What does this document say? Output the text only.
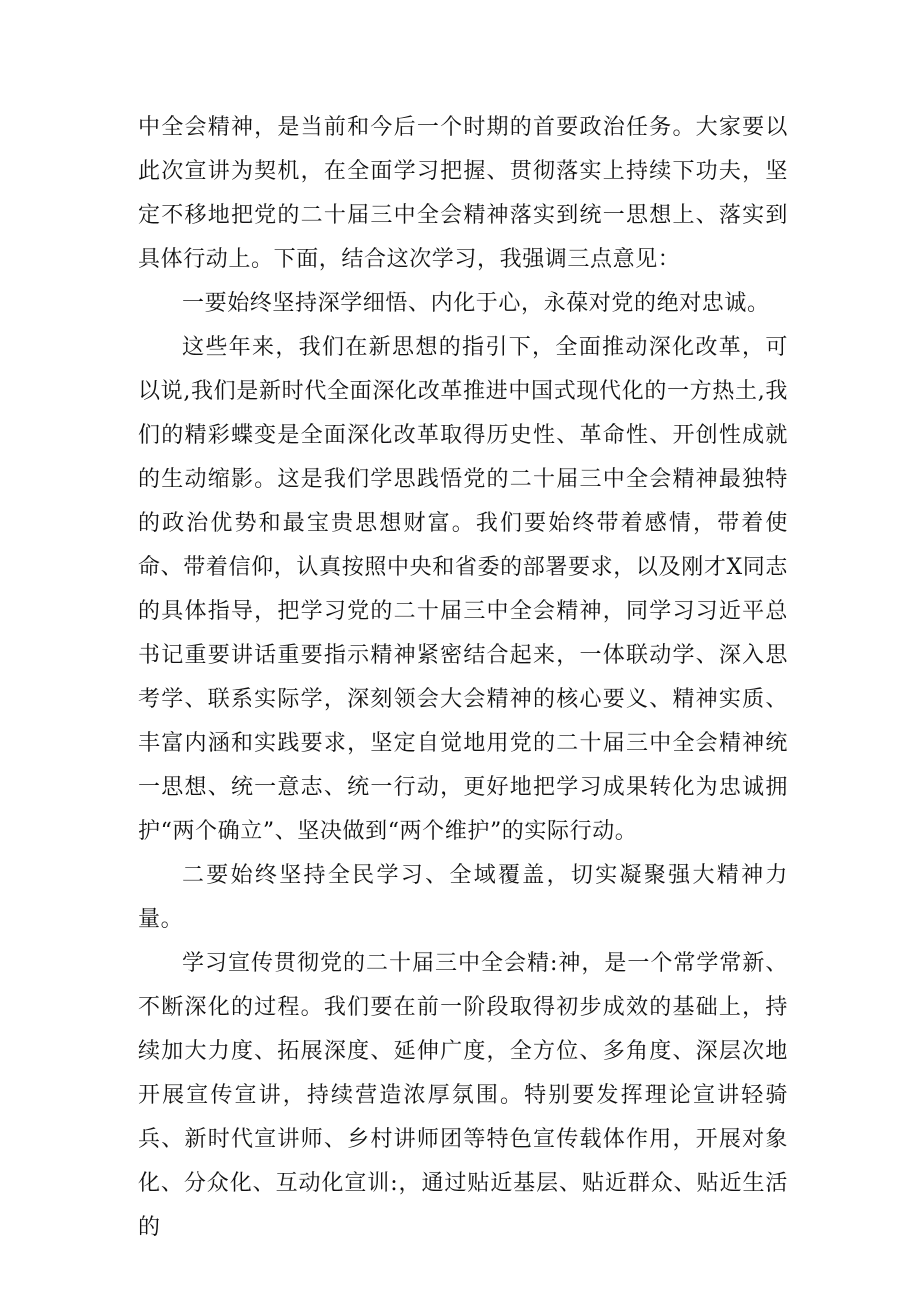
中全会精神，是当前和今后一个时期的首要政治任务。大家要以此次宣讲为契机，在全面学习把握、贯彻落实上持续下功夫，坚定不移地把党的二十届三中全会精神落实到统一思想上、落实到具体行动上。下面，结合这次学习，我强调三点意见：

一要始终坚持深学细悟、内化于心，永葆对党的绝对忠诚。

这些年来，我们在新思想的指引下，全面推动深化改革，可以说,我们是新时代全面深化改革推进中国式现代化的一方热土,我们的精彩蝶变是全面深化改革取得历史性、革命性、开创性成就的生动缩影。这是我们学思践悟党的二十届三中全会精神最独特的政治优势和最宝贵思想财富。我们要始终带着感情，带着使命、带着信仰，认真按照中央和省委的部署要求，以及刚才X同志的具体指导，把学习党的二十届三中全会精神，同学习习近平总书记重要讲话重要指示精神紧密结合起来，一体联动学、深入思考学、联系实际学，深刻领会大会精神的核心要义、精神实质、丰富内涵和实践要求，坚定自觉地用党的二十届三中全会精神统一思想、统一意志、统一行动，更好地把学习成果转化为忠诚拥护“两个确立”、坚决做到“两个维护”的实际行动。

二要始终坚持全民学习、全域覆盖，切实凝聚强大精神力量。

学习宣传贯彻党的二十届三中全会精:神，是一个常学常新、不断深化的过程。我们要在前一阶段取得初步成效的基础上，持续加大力度、拓展深度、延伸广度，全方位、多角度、深层次地开展宣传宣讲，持续营造浓厚氛围。特别要发挥理论宣讲轻骑兵、新时代宣讲师、乡村讲师团等特色宣传载体作用，开展对象化、分众化、互动化宣训:，通过贴近基层、贴近群众、贴近生活的
